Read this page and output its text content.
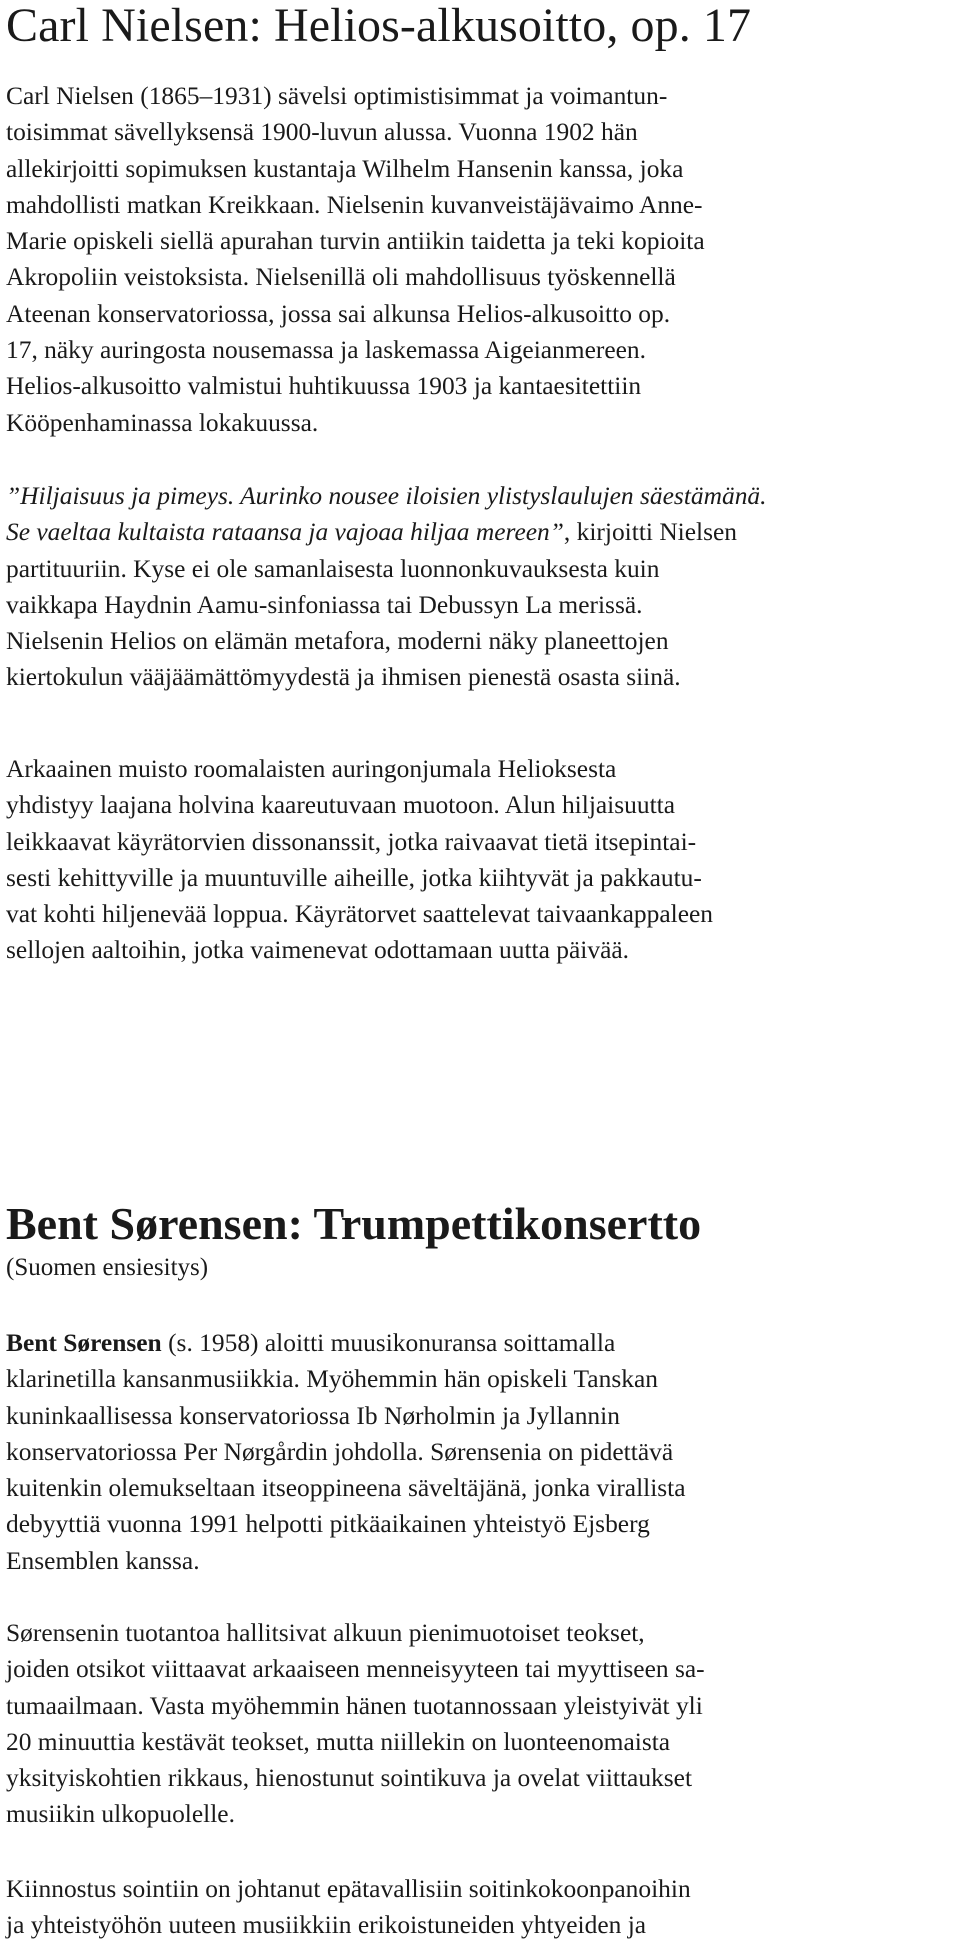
Carl Nielsen: Helios-alkusoitto, op. 17

Carl Nielsen (1865–1931) sävelsi optimistisimmat ja voimantun-
toisimmat sävellyksensä 1900-luvun alussa. Vuonna 1902 hän
allekirjoitti sopimuksen kustantaja Wilhelm Hansenin kanssa, joka
mahdollisti matkan Kreikkaan. Nielsenin kuvanveistäjävaimo Anne-
Marie opiskeli siellä apurahan turvin antiikin taidetta ja teki kopioita
Akropoliin veistoksista. Nielsenillä oli mahdollisuus työskennellä
Ateenan konservatoriossa, jossa sai alkunsa Helios-alkusoitto op.
17, näky auringosta nousemassa ja laskemassa Aigeianmereen.
Helios-alkusoitto valmistui huhtikuussa 1903 ja kantaesitettiin
Kööpenhaminassa lokakuussa.

”Hiljaisuus ja pimeys. Aurinko nousee iloisien ylistyslaulujen säestämänä.
Se vaeltaa kultaista rataansa ja vajoaa hiljaa mereen”, kirjoitti Nielsen
partituuriin. Kyse ei ole samanlaisesta luonnonkuvauksesta kuin
vaikkapa Haydnin Aamu-sinfoniassa tai Debussyn La merissä.
Nielsenin Helios on elämän metafora, moderni näky planeettojen
kiertokulun vääjäämättömyydestä ja ihmisen pienestä osasta siinä.

Arkaainen muisto roomalaisten auringonjumala Helioksesta
yhdistyy laajana holvina kaareutuvaan muotoon. Alun hiljaisuutta
leikkaavat käyrätorvien dissonanssit, jotka raivaavat tietä itsepintai-
sesti kehittyville ja muuntuville aiheille, jotka kiihtyvät ja pakkautu-
vat kohti hiljenevää loppua. Käyrätorvet saattelevat taivaankappaleen
sellojen aaltoihin, jotka vaimenevat odottamaan uutta päivää.

Bent Sørensen: Trumpettikonsertto
(Suomen ensiesitys)

Bent Sørensen (s. 1958) aloitti muusikonuransa soittamalla
klarinetilla kansanmusiikkia. Myöhemmin hän opiskeli Tanskan
kuninkaallisessa konservatoriossa Ib Nørholmin ja Jyllannin
konservatoriossa Per Nørgårdin johdolla. Sørensenia on pidettävä
kuitenkin olemukseltaan itseoppineena säveltäjänä, jonka virallista
debyyttiä vuonna 1991 helpotti pitkäaikainen yhteistyö Ejsberg
Ensemblen kanssa.

Sørensenin tuotantoa hallitsivat alkuun pienimuotoiset teokset,
joiden otsikot viittaavat arkaaiseen menneisyyteen tai myyttiseen sa-
tumaailmaan. Vasta myöhemmin hänen tuotannossaan yleistyivät yli
20 minuuttia kestävät teokset, mutta niillekin on luonteenomaista
yksityiskohtien rikkaus, hienostunut sointikuva ja ovelat viittaukset
musiikin ulkopuolelle.

Kiinnostus sointiin on johtanut epätavallisiin soitinkokoonpanoihin
ja yhteistyöhön uuteen musiikkiin erikoistuneiden yhtyeiden ja
